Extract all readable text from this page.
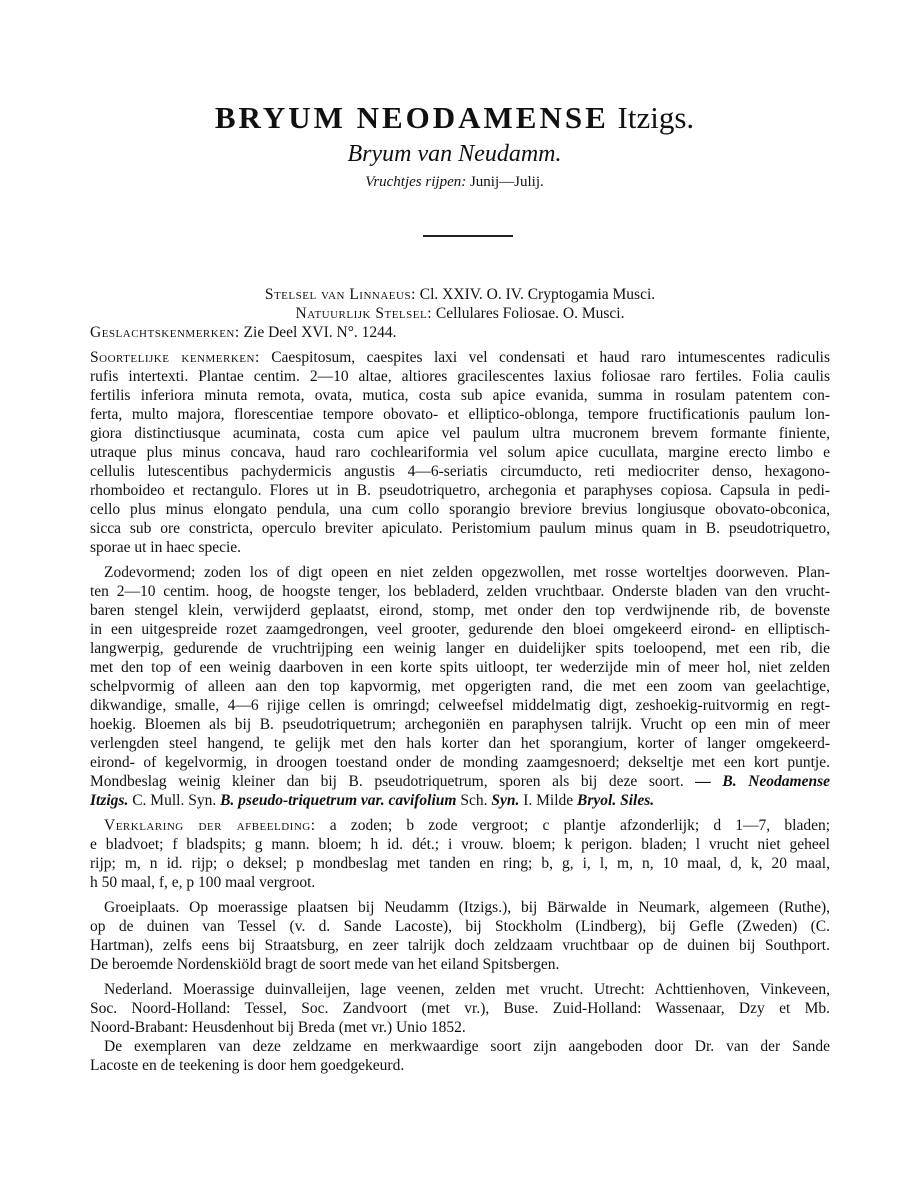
BRYUM NEODAMENSE Itzigs.
Bryum van Neudamm.
Vruchtjes rijpen: Junij—Julij.
Stelsel van Linnaeus: Cl. XXIV. O. IV. Cryptogamia Musci.
Natuurlijk Stelsel: Cellulares Foliosae. O. Musci.
Geslachtskenmerken: Zie Deel XVI. N°. 1244.
Soortelijke kenmerken: Caespitosum, caespites laxi vel condensati et haud raro intumescentes radiculis
rufis intertexti. Plantae centim. 2—10 altae, altiores gracilescentes laxius foliosae raro fertiles. Folia caulis
fertilis inferiora minuta remota, ovata, mutica, costa sub apice evanida, summa in rosulam patentem con-
ferta, multo majora, florescentiae tempore obovato- et elliptico-oblonga, tempore fructificationis paulum lon-
giora distinctiusque acuminata, costa cum apice vel paulum ultra mucronem brevem formante finiente,
utraque plus minus concava, haud raro cochleariformia vel solum apice cucullata, margine erecto limbo e
cellulis lutescentibus pachydermicis angustis 4—6-seriatis circumducto, reti mediocriter denso, hexagono-
rhomboideo et rectangulo. Flores ut in B. pseudotriquetro, archegonia et paraphyses copiosa. Capsula in pedi-
cello plus minus elongato pendula, una cum collo sporangio breviore brevius longiusque obovato-obconica,
sicca sub ore constricta, operculo breviter apiculato. Peristomium paulum minus quam in B. pseudotriquetro,
sporae ut in haec specie.
Zodevormend; zoden los of digt opeen en niet zelden opgezwollen, met rosse worteltjes doorweven. Plan-
ten 2—10 centim. hoog, de hoogste tenger, los bebladerd, zelden vruchtbaar. Onderste bladen van den vrucht-
baren stengel klein, verwijderd geplaatst, eirond, stomp, met onder den top verdwijnende rib, de bovenste
in een uitgespreide rozet zaamgedrongen, veel grooter, gedurende den bloei omgekeerd eirond- en elliptisch-
langwerpig, gedurende de vruchtrijping een weinig langer en duidelijker spits toeloopend, met een rib, die
met den top of een weinig daarboven in een korte spits uitloopt, ter wederzijde min of meer hol, niet zelden
schelpvormig of alleen aan den top kapvormig, met opgerigten rand, die met een zoom van geelachtige,
dikwandige, smalle, 4—6 rijige cellen is omringd; celweefsel middelmatig digt, zeshoekig-ruitvormig en regt-
hoekig. Bloemen als bij B. pseudotriquetrum; archegoniën en paraphysen talrijk. Vrucht op een min of meer
verlengden steel hangend, te gelijk met den hals korter dan het sporangium, korter of langer omgekeerd-
eirond- of kegelvormig, in droogen toestand onder de monding zaamgesnoerd; dekseltje met een kort puntje.
Mondbeslag weinig kleiner dan bij B. pseudotriquetrum, sporen als bij deze soort. — B. Neodamense
Itzigs. C. Mull. Syn. B. pseudo-triquetrum var. cavifolium Sch. Syn. I. Milde Bryol. Siles.
Verklaring der afbeelding: a zoden; b zode vergroot; c plantje afzonderlijk; d 1—7, bladen;
e bladvoet; f bladspits; g mann. bloem; h id. dét.; i vrouw. bloem; k perigon. bladen; l vrucht niet geheel
rijp; m, n id. rijp; o deksel; p mondbeslag met tanden en ring; b, g, i, l, m, n, 10 maal, d, k, 20 maal,
h 50 maal, f, e, p 100 maal vergroot.
Groeiplaats. Op moerassige plaatsen bij Neudamm (Itzigs.), bij Bärwalde in Neumark, algemeen (Ruthe),
op de duinen van Tessel (v. d. Sande Lacoste), bij Stockholm (Lindberg), bij Gefle (Zweden) (C.
Hartman), zelfs eens bij Straatsburg, en zeer talrijk doch zeldzaam vruchtbaar op de duinen bij Southport.
De beroemde Nordenskiöld bragt de soort mede van het eiland Spitsbergen.
Nederland. Moerassige duinvalleijen, lage veenen, zelden met vrucht. Utrecht: Achttienhoven, Vinkeveen,
Soc. Noord-Holland: Tessel, Soc. Zandvoort (met vr.), Buse. Zuid-Holland: Wassenaar, Dzy et Mb.
Noord-Brabant: Heusdenhout bij Breda (met vr.) Unio 1852.
De exemplaren van deze zeldzame en merkwaardige soort zijn aangeboden door Dr. van der Sande
Lacoste en de teekening is door hem goedgekeurd.
